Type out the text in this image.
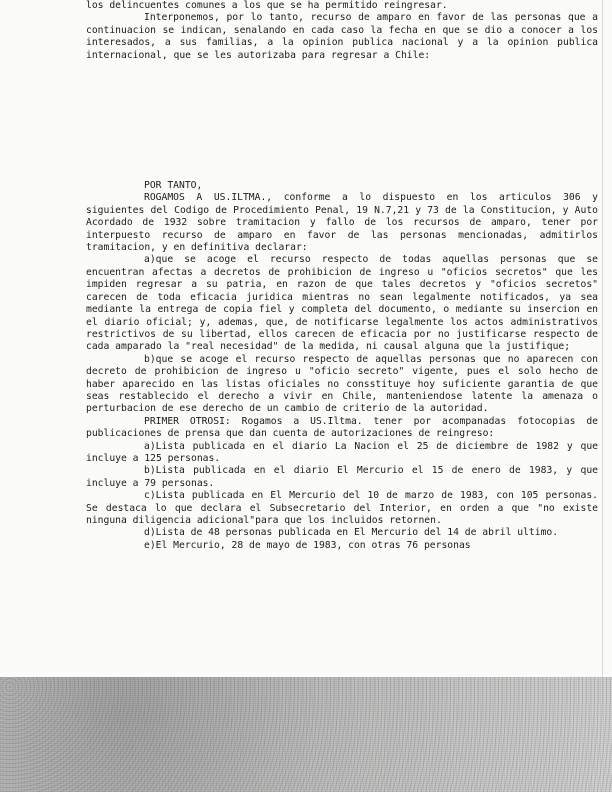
los delincuentes comunes a los que se ha permitido reingresar.

Interponemos, por lo tanto, recurso de amparo en favor de las personas que a continuacion se indican, senalando en cada caso la fecha en que se dio a conocer a los interesados, a sus familias, a la opinion publica nacional y a la opinion publica internacional, que se les autorizaba para regresar a Chile:

POR TANTO,

ROGAMOS A US.ILTMA., conforme a lo dispuesto en los articulos 306 y siguientes del Codigo de Procedimiento Penal, 19 N.7,21 y 73 de la Constitucion, y Auto Acordado de 1932 sobre tramitacion y fallo de los recursos de amparo, tener por interpuesto recurso de amparo en favor de las personas mencionadas, admitirlos tramitacion, y en definitiva declarar:

a)que se acoge el recurso respecto de todas aquellas personas que se encuentran afectas a decretos de prohibicion de ingreso u "oficios secretos" que les impiden regresar a su patria, en razon de que tales decretos y "oficios secretos" carecen de toda eficacia juridica mientras no sean legalmente notificados, ya sea mediante la entrega de copia fiel y completa del documento, o mediante su insercion en el diario oficial; y, ademas, que, de notificarse legalmente los actos administrativos restrictivos de su libertad, ellos carecen de eficacia por no justificarse respecto de cada amparado la "real necesidad" de la medida, ni causal alguna que la justifique;

b)que se acoge el recurso respecto de aquellas personas que no aparecen con decreto de prohibicion de ingreso u "oficio secreto" vigente, pues el solo hecho de haber aparecido en las listas oficiales no consstituye hoy suficiente garantia de que seas restablecido el derecho a vivir en Chile, manteniendose latente la amenaza o perturbacion de ese derecho de un cambio de criterio de la autoridad.

PRIMER OTROSI: Rogamos a US.Iltma. tener por acompanadas fotocopias de publicaciones de prensa que dan cuenta de autorizaciones de reingreso:

a)Lista publicada en el diario La Nacion el 25 de diciembre de 1982 y que incluye a 125 personas.

b)Lista publicada en el diario El Mercurio el 15 de enero de 1983, y que incluye a 79 personas.

c)Lista publicada en El Mercurio del 10 de marzo de 1983, con 105 personas. Se destaca lo que declara el Subsecretario del Interior, en orden a que "no existe ninguna diligencia adicional"para que los incluidos retornen.

d)Lista de 48 personas publicada en El Mercurio del 14 de abril ultimo.

e)El Mercurio, 28 de mayo de 1983, con otras 76 personas
